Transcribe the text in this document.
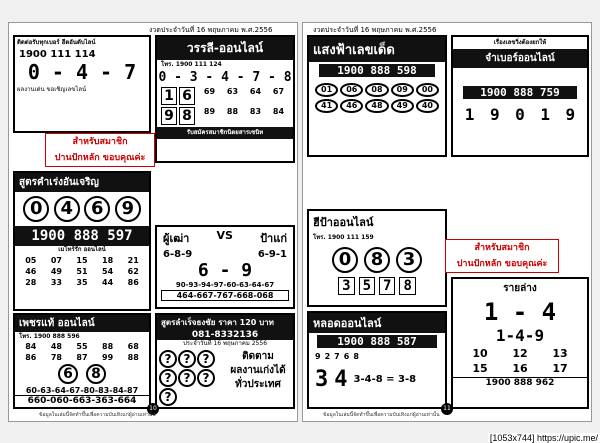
งวดประจำวันที่ 16 พฤษภาคม พ.ศ.2556
ติดต่อรับทุกเบอร์ ฮีตอันดับไลน์
1900 111 114
0 - 4 - 7
ผลงานเด่น ขอเชิญเลขไลน์
สำหรับสมาชิก
ปานปักหลัก ขอบคุณค่ะ
สูตรคำเร่งอันเจริญ
0 4 6 9
1900 888 597
เมโทร์รัก ออนไลน์
05	07	15	18	21
46	49	51	54	62
28	33	35	44	86
เพชรแท้ ออนไลน์
โทร. 1900 888 596
84	48	55	88	68
86	78	87	99	88
6	8
60-63-64-67-80-83-84-87
660-060-663-363-664
วรรลี-ออนไลน์
โทร. 1900 111 124
0 - 3 - 4 - 7 - 8
1 6
9 8
69	63	64	67
89	88	83	84
รับสมัครสมาชิกนิตยสารเซนิท
ผู้เฒ่า VS ป้าแก่
6-8-9	6-9-1
6 - 9
90-93-94-97-60-63-64-67
464-667-767-668-068
สูตรลำเร็จธงชัย ราคา 120 บาท
081-8332136
ประจำวันที่ 16 พฤษภาคม 2556
?	?	?
?	?	?
?
ติดตาม
ผลงานเก่งได้
ทั่วประเทศ
10
ข้อมูลในเล่มนี้จัดทำขึ้นเพื่อความบันเทิงแก่ผู้อ่านเท่านั้น
งวดประจำวันที่ 16 พฤษภาคม พ.ศ.2556
แสงฟ้าเลขเด็ด
1900 888 598
01	06	08	09	00
41	46	48	49	40
เรื่องเลขวิ่งต้องยกให้
จำเบอร์ออนไลน์
1900 888 759
1 9 0 1 9
ฮีป้าออนไลน์
โทร. 1900 111 159
0	8	3
3 5 7 8
สำหรับสมาชิก
ปานปักหลัก ขอบคุณค่ะ
หลอดออนไลน์
1900 888 587
9 2 7 6 8
3 4 3-4-8 = 3-8
รายล่าง
1 - 4
1-4-9
10	12	13
15	16	17
1900 888 962
11
ข้อมูลในเล่มนี้จัดทำขึ้นเพื่อความบันเทิงแก่ผู้อ่านเท่านั้น
[1053x744] https://upic.me/
